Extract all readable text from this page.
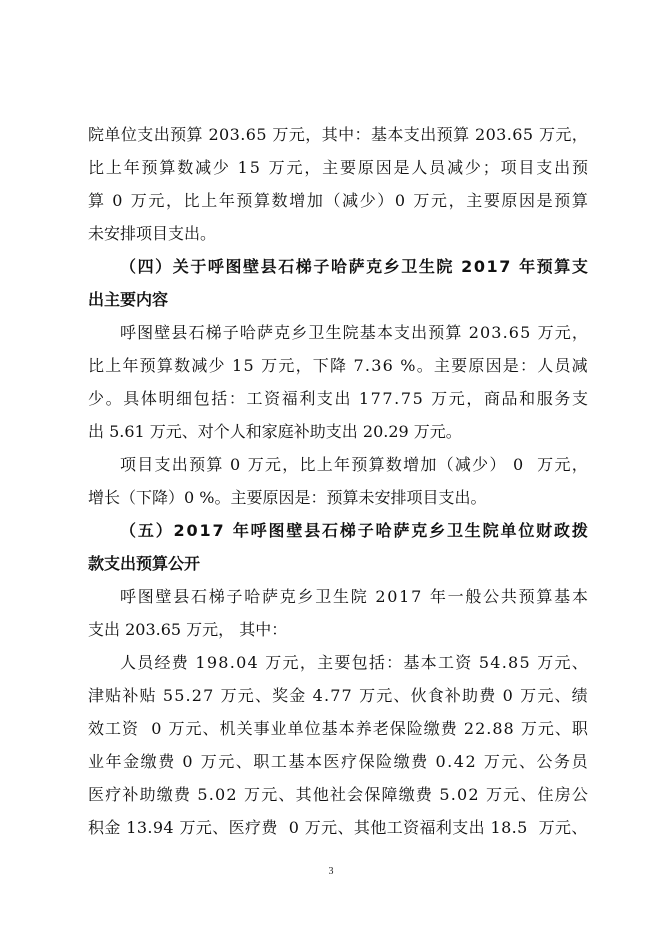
院 单 位 支 出 预 算
2 0 3 . 6 5
万 元 ， 其 中 ： 基 本 支 出 预 算
2 0 3 . 6 5
万 元 ，
比 上 年 预 算 数 减 少
1 5
万 元 ， 主 要 原 因 是 人 员 减 少 ； 项 目 支 出 预
算
0
万 元 ， 比 上 年 预 算 数 增 加 （ 减 少 ） 0
万 元 ， 主 要 原 因 是 预 算
未安排项目支出。
（ 四 ） 关 于 呼 图 壁 县 石 梯 子 哈 萨 克 乡 卫 生 院
2 0 1 7
年 预 算 支
出主要内容
呼 图 壁 县 石 梯 子 哈 萨 克 乡 卫 生 院 基 本 支 出 预 算
2 0 3 . 6 5
万 元 ，
比 上 年 预 算 数 减 少
1 5
万 元 ， 下 降
7 . 3 6
% 。 主 要 原 因 是 ： 人 员 减
少 。 具 体 明 细 包 括 ： 工 资 福 利 支 出
1 7 7 . 7 5
万 元 ， 商 品 和 服 务 支
出 5.61 万元、对个人和家庭补助支出 20.29 万元。
项 目 支 出 预 算
0
万 元 ， 比 上 年 预 算 数 增 加 （ 减 少 ）
0

万 元 ，
增长（下降）0 %。主要原因是：预算未安排项目支出。
（ 五 ） 2 0 1 7
年 呼 图 壁 县 石 梯 子 哈 萨 克 乡 卫 生 院 单 位 财 政 拨
款支出预算公开
呼 图 壁 县 石 梯 子 哈 萨 克 乡 卫 生 院
2 0 1 7
年 一 般 公 共 预 算 基 本
支出 203.65 万元， 其中：
人 员 经 费
1 9 8 . 0 4
万 元 ， 主 要 包 括 ： 基 本 工 资
5 4 . 8 5
万 元 、
津 贴 补 贴
5 5 . 2 7
万 元 、 奖 金
4 . 7 7
万 元 、 伙 食 补 助 费
0
万 元 、 绩
效 工 资

0
万 元 、 机 关 事 业 单 位 基 本 养 老 保 险 缴 费
2 2 . 8 8
万 元 、 职
业 年 金 缴 费
0
万 元 、 职 工 基 本 医 疗 保 险 缴 费
0 . 4 2
万 元 、 公 务 员
医 疗 补 助 缴 费
5 . 0 2
万 元 、 其 他 社 会 保 障 缴 费
5 . 0 2
万 元 、 住 房 公
积 金
1 3 . 9 4
万 元 、 医 疗 费

0
万 元 、 其 他 工 资 福 利 支 出
1 8 . 5

万 元 、
3
